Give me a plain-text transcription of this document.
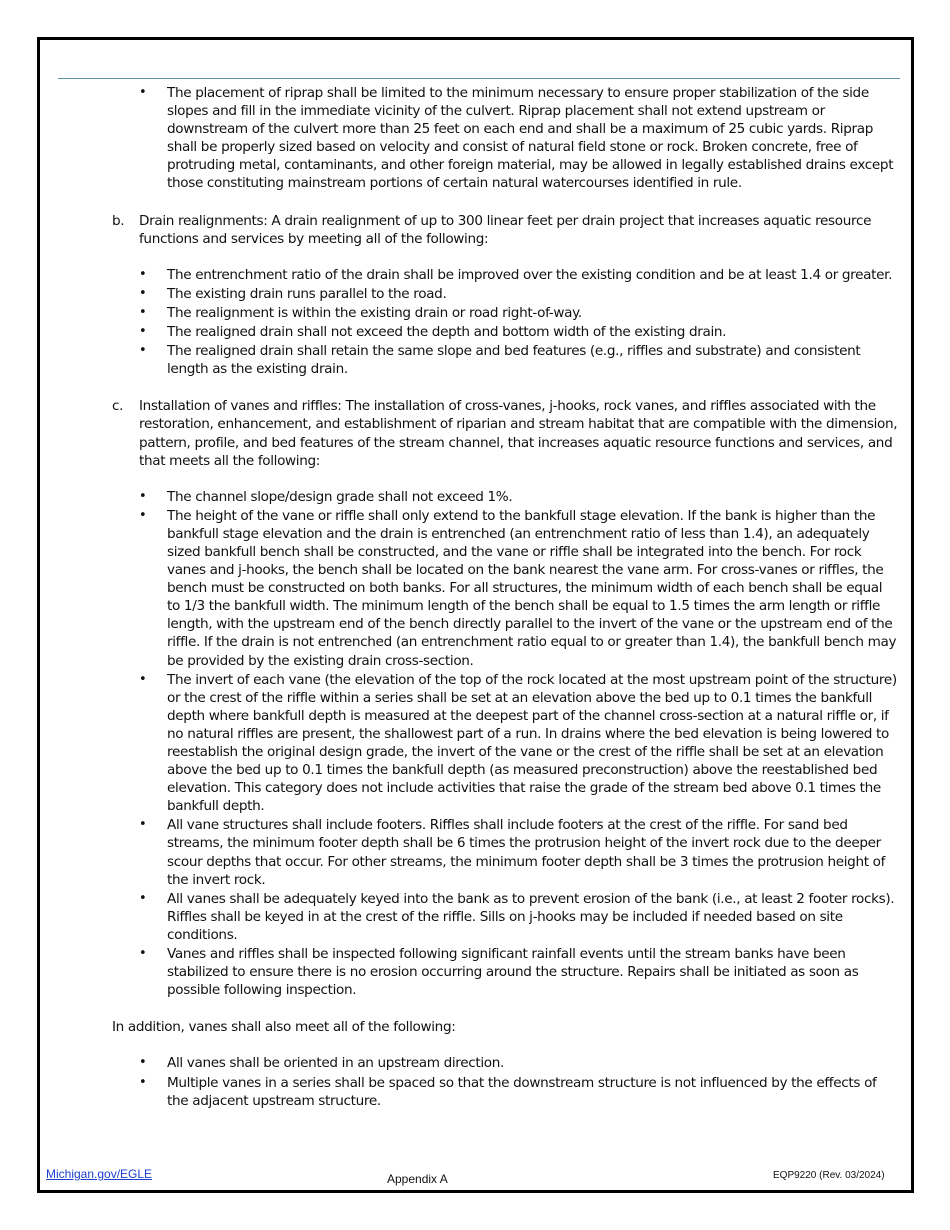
• The placement of riprap shall be limited to the minimum necessary to ensure proper stabilization of the side slopes and fill in the immediate vicinity of the culvert. Riprap placement shall not extend upstream or downstream of the culvert more than 25 feet on each end and shall be a maximum of 25 cubic yards. Riprap shall be properly sized based on velocity and consist of natural field stone or rock. Broken concrete, free of protruding metal, contaminants, and other foreign material, may be allowed in legally established drains except those constituting mainstream portions of certain natural watercourses identified in rule.
b. Drain realignments: A drain realignment of up to 300 linear feet per drain project that increases aquatic resource functions and services by meeting all of the following:
• The entrenchment ratio of the drain shall be improved over the existing condition and be at least 1.4 or greater.
• The existing drain runs parallel to the road.
• The realignment is within the existing drain or road right-of-way.
• The realigned drain shall not exceed the depth and bottom width of the existing drain.
• The realigned drain shall retain the same slope and bed features (e.g., riffles and substrate) and consistent length as the existing drain.
c. Installation of vanes and riffles: The installation of cross-vanes, j-hooks, rock vanes, and riffles associated with the restoration, enhancement, and establishment of riparian and stream habitat that are compatible with the dimension, pattern, profile, and bed features of the stream channel, that increases aquatic resource functions and services, and that meets all the following:
• The channel slope/design grade shall not exceed 1%.
• The height of the vane or riffle shall only extend to the bankfull stage elevation. If the bank is higher than the bankfull stage elevation and the drain is entrenched (an entrenchment ratio of less than 1.4), an adequately sized bankfull bench shall be constructed, and the vane or riffle shall be integrated into the bench. For rock vanes and j-hooks, the bench shall be located on the bank nearest the vane arm. For cross-vanes or riffles, the bench must be constructed on both banks. For all structures, the minimum width of each bench shall be equal to 1/3 the bankfull width. The minimum length of the bench shall be equal to 1.5 times the arm length or riffle length, with the upstream end of the bench directly parallel to the invert of the vane or the upstream end of the riffle. If the drain is not entrenched (an entrenchment ratio equal to or greater than 1.4), the bankfull bench may be provided by the existing drain cross-section.
• The invert of each vane (the elevation of the top of the rock located at the most upstream point of the structure) or the crest of the riffle within a series shall be set at an elevation above the bed up to 0.1 times the bankfull depth where bankfull depth is measured at the deepest part of the channel cross-section at a natural riffle or, if no natural riffles are present, the shallowest part of a run. In drains where the bed elevation is being lowered to reestablish the original design grade, the invert of the vane or the crest of the riffle shall be set at an elevation above the bed up to 0.1 times the bankfull depth (as measured preconstruction) above the reestablished bed elevation. This category does not include activities that raise the grade of the stream bed above 0.1 times the bankfull depth.
• All vane structures shall include footers. Riffles shall include footers at the crest of the riffle. For sand bed streams, the minimum footer depth shall be 6 times the protrusion height of the invert rock due to the deeper scour depths that occur. For other streams, the minimum footer depth shall be 3 times the protrusion height of the invert rock.
• All vanes shall be adequately keyed into the bank as to prevent erosion of the bank (i.e., at least 2 footer rocks). Riffles shall be keyed in at the crest of the riffle. Sills on j-hooks may be included if needed based on site conditions.
• Vanes and riffles shall be inspected following significant rainfall events until the stream banks have been stabilized to ensure there is no erosion occurring around the structure. Repairs shall be initiated as soon as possible following inspection.
In addition, vanes shall also meet all of the following:
• All vanes shall be oriented in an upstream direction.
• Multiple vanes in a series shall be spaced so that the downstream structure is not influenced by the effects of the adjacent upstream structure.
Michigan.gov/EGLE	Appendix A	EQP9220 (Rev. 03/2024)
